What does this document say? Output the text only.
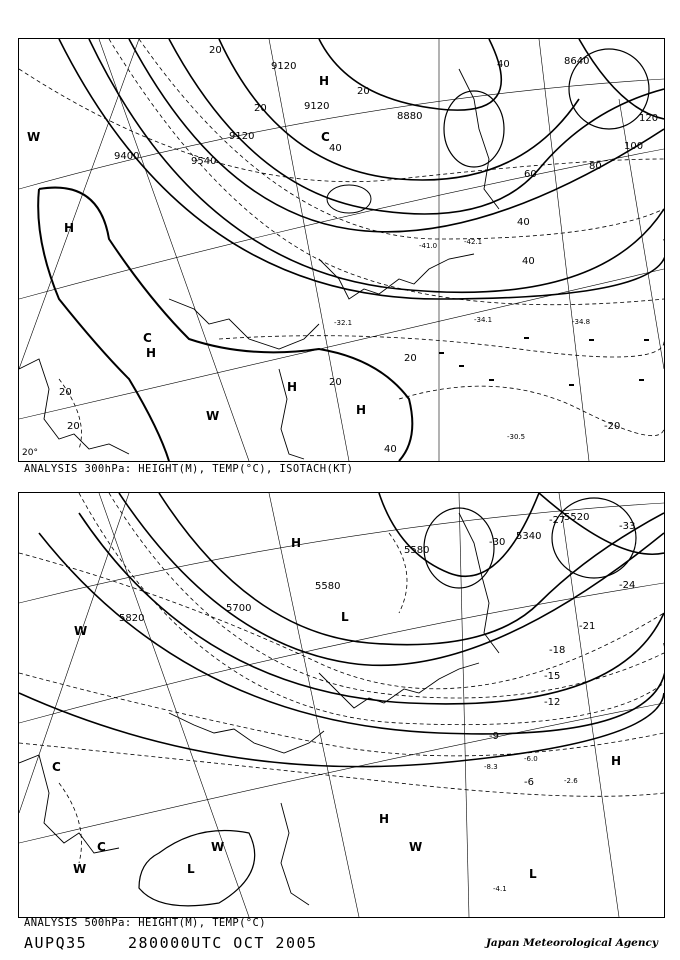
9120
9120
9400	9540
8880
8640
9120
20
20
20
40
40
40
40
60
80
100
120
20
20
20
40
20
-20
H
H
H
H
W
W
C
C
H
-34.1	-34.8
-30.5
-41.0	-42.1
-32.1
20°
ANALYSIS 300hPa: HEIGHT(M), TEMP(°C), ISOTACH(KT)
5580
5700
5820
5340
5580
5520
-24
-21
-18
-15
-12
-9
-6
-30
-33
-27
H
H
H
W
W	W
W
C
C
L	L
L
-8.3
-6.0
-2.6
-4.1
ANALYSIS 500hPa: HEIGHT(M), TEMP(°C)
AUPQ35	280000UTC OCT 2005	Japan Meteorological Agency
